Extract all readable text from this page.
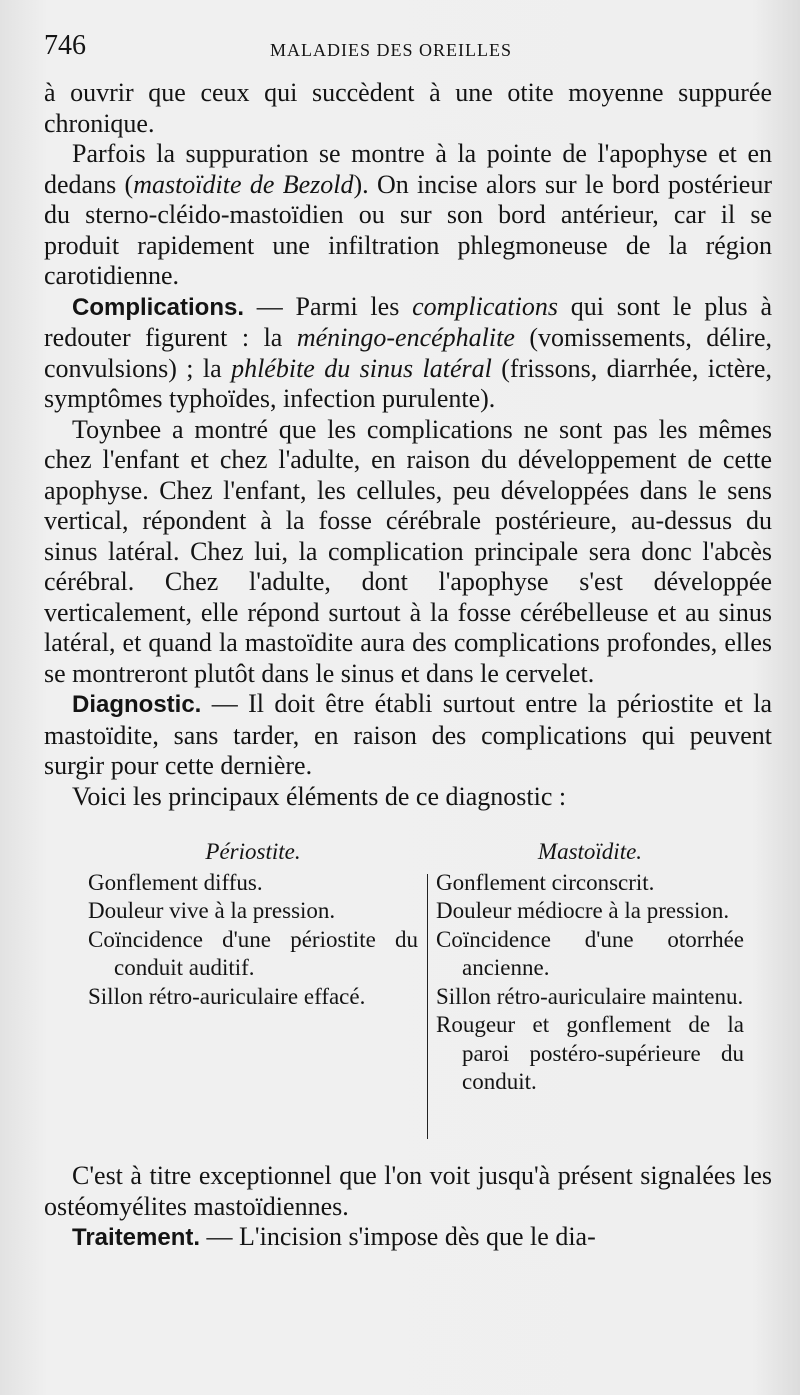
746	MALADIES DES OREILLES

à ouvrir que ceux qui succèdent à une otite moyenne suppurée chronique.

Parfois la suppuration se montre à la pointe de l'apophyse et en dedans (mastoïdite de Bezold). On incise alors sur le bord postérieur du sterno-cléido-mastoïdien ou sur son bord antérieur, car il se produit rapidement une infiltration phlegmoneuse de la région carotidienne.

Complications. — Parmi les complications qui sont le plus à redouter figurent : la méningo-encéphalite (vomissements, délire, convulsions) ; la phlébite du sinus latéral (frissons, diarrhée, ictère, symptômes typhoïdes, infection purulente).

Toynbee a montré que les complications ne sont pas les mêmes chez l'enfant et chez l'adulte, en raison du développement de cette apophyse. Chez l'enfant, les cellules, peu développées dans le sens vertical, répondent à la fosse cérébrale postérieure, au-dessus du sinus latéral. Chez lui, la complication principale sera donc l'abcès cérébral. Chez l'adulte, dont l'apophyse s'est développée verticalement, elle répond surtout à la fosse cérébelleuse et au sinus latéral, et quand la mastoïdite aura des complications profondes, elles se montreront plutôt dans le sinus et dans le cervelet.

Diagnostic. — Il doit être établi surtout entre la périostite et la mastoïdite, sans tarder, en raison des complications qui peuvent surgir pour cette dernière.

Voici les principaux éléments de ce diagnostic :

Périostite.
Gonflement diffus.
Douleur vive à la pression.
Coïncidence d'une périostite du conduit auditif.
Sillon rétro-auriculaire effacé.
Mastoïdite.
Gonflement circonscrit.
Douleur médiocre à la pression.
Coïncidence d'une otorrhée ancienne.
Sillon rétro-auriculaire maintenu.
Rougeur et gonflement de la paroi postéro-supérieure du conduit.

C'est à titre exceptionnel que l'on voit jusqu'à présent signalées les ostéomyélites mastoïdiennes.

Traitement. — L'incision s'impose dès que le dia-
